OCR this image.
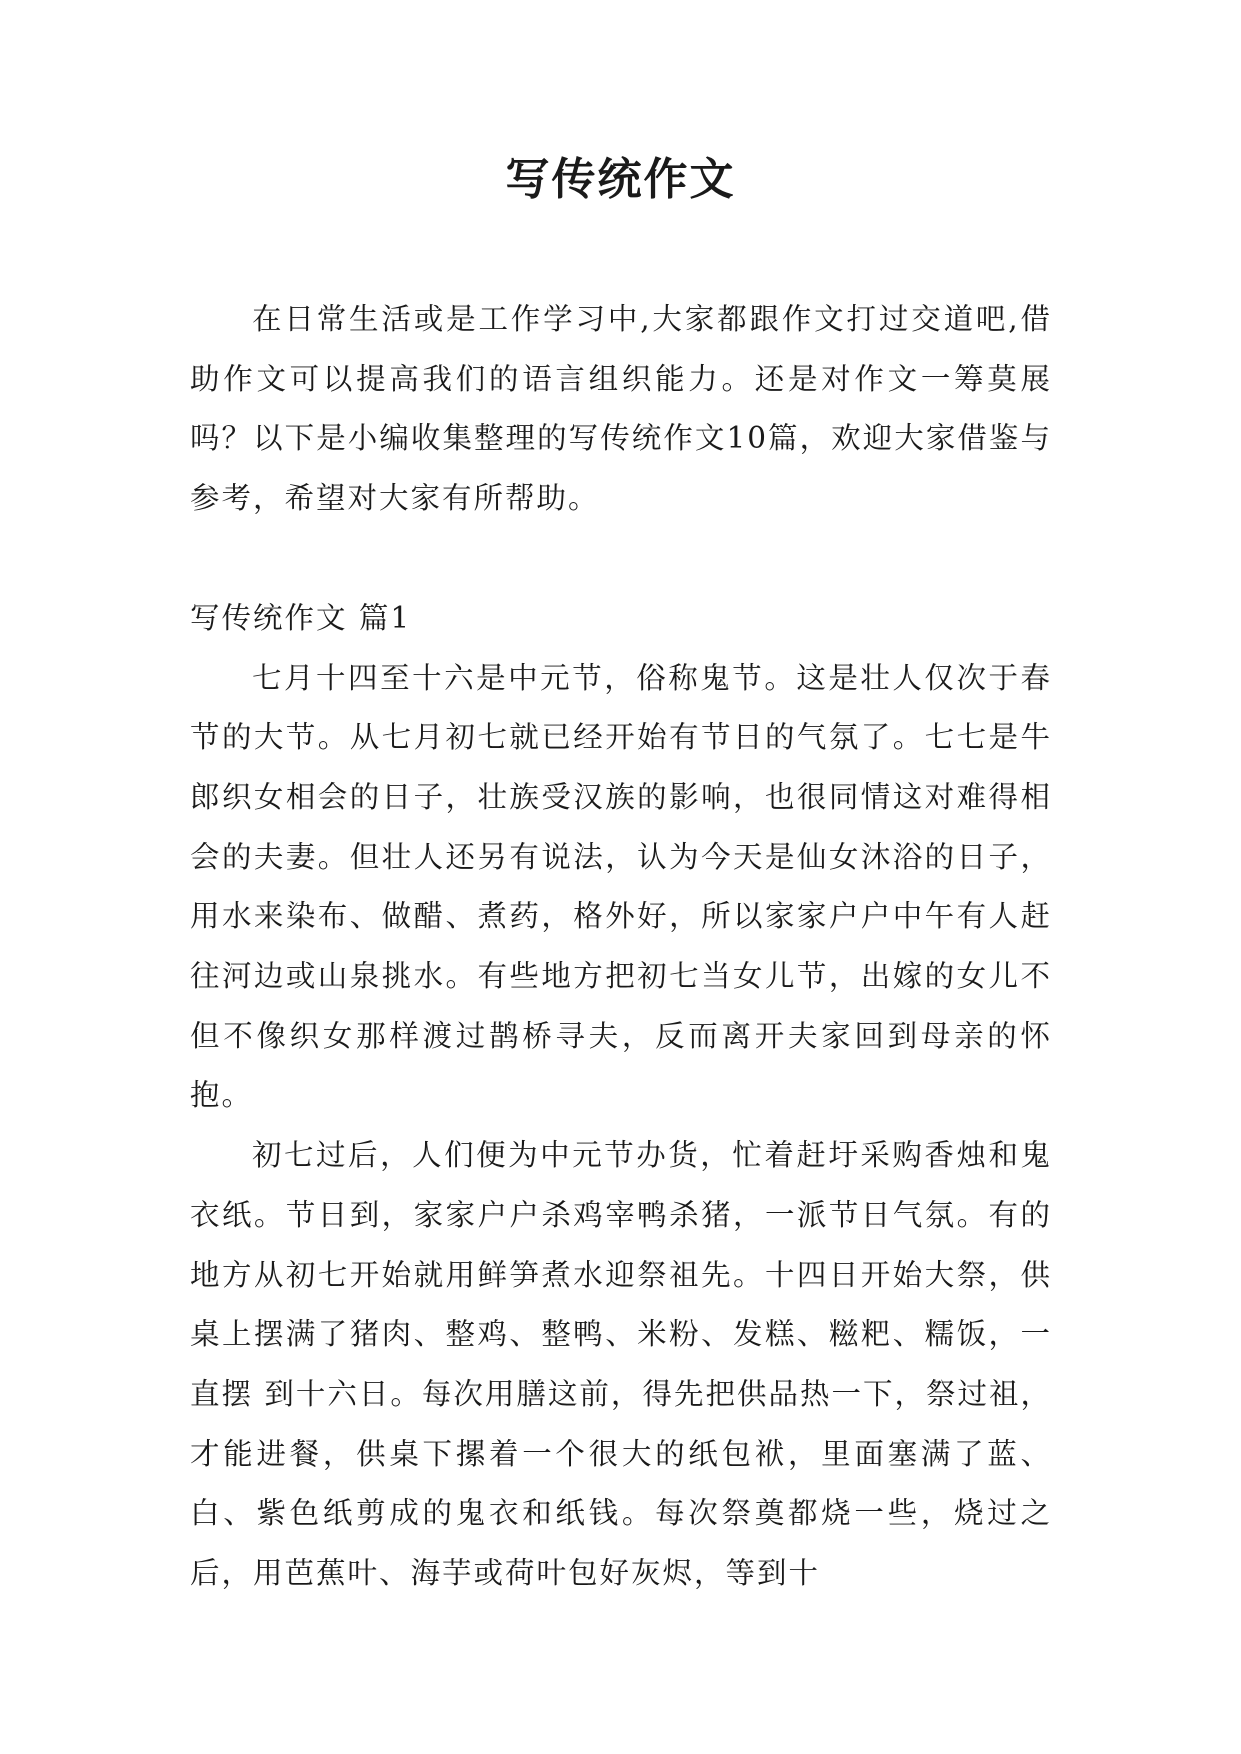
写传统作文

在日常生活或是工作学习中,大家都跟作文打过交道吧,借助作文可以提高我们的语言组织能力。还是对作文一筹莫展吗？以下是小编收集整理的写传统作文10篇，欢迎大家借鉴与参考，希望对大家有所帮助。

写传统作文 篇1

七月十四至十六是中元节，俗称鬼节。这是壮人仅次于春节的大节。从七月初七就已经开始有节日的气氛了。七七是牛郎织女相会的日子，壮族受汉族的影响，也很同情这对难得相会的夫妻。但壮人还另有说法，认为今天是仙女沐浴的日子，用水来染布、做醋、煮药，格外好，所以家家户户中午有人赶往河边或山泉挑水。有些地方把初七当女儿节，出嫁的女儿不但不像织女那样渡过鹊桥寻夫，反而离开夫家回到母亲的怀抱。

初七过后，人们便为中元节办货，忙着赶圩采购香烛和鬼衣纸。节日到，家家户户杀鸡宰鸭杀猪，一派节日气氛。有的地方从初七开始就用鲜笋煮水迎祭祖先。十四日开始大祭，供桌上摆满了猪肉、整鸡、整鸭、米粉、发糕、糍粑、糯饭，一直摆 到十六日。每次用膳这前，得先把供品热一下，祭过祖，才能进餐，供桌下摞着一个很大的纸包袱，里面塞满了蓝、白、紫色纸剪成的鬼衣和纸钱。每次祭奠都烧一些，烧过之后，用芭蕉叶、海芋或荷叶包好灰烬，等到十
